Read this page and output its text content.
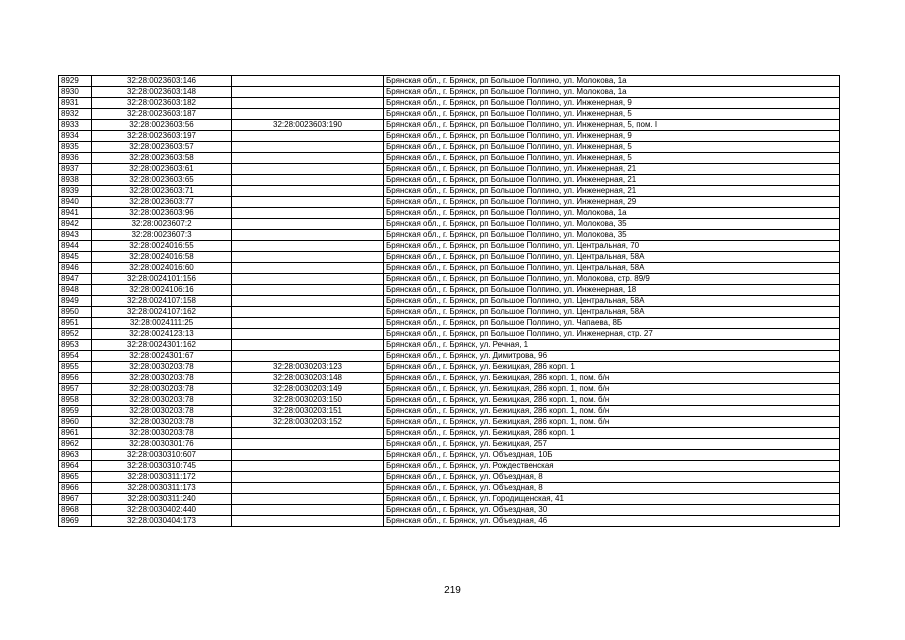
8929	32:28:0023603:146		Брянская обл., г. Брянск, рп Большое Полпино, ул. Молокова, 1а
8930	32:28:0023603:148		Брянская обл., г. Брянск, рп Большое Полпино, ул. Молокова, 1а
8931	32:28:0023603:182		Брянская обл., г. Брянск, рп Большое Полпино, ул. Инженерная, 9
8932	32:28:0023603:187		Брянская обл., г. Брянск, рп Большое Полпино, ул. Инженерная, 5
8933	32:28:0023603:56	32:28:0023603:190	Брянская обл., г. Брянск, рп Большое Полпино, ул. Инженерная, 5, пом. I
8934	32:28:0023603:197		Брянская обл., г. Брянск, рп Большое Полпино, ул. Инженерная, 9
8935	32:28:0023603:57		Брянская обл., г. Брянск, рп Большое Полпино, ул. Инженерная, 5
8936	32:28:0023603:58		Брянская обл., г. Брянск, рп Большое Полпино, ул. Инженерная, 5
8937	32:28:0023603:61		Брянская обл., г. Брянск, рп Большое Полпино, ул. Инженерная, 21
8938	32:28:0023603:65		Брянская обл., г. Брянск, рп Большое Полпино, ул. Инженерная, 21
8939	32:28:0023603:71		Брянская обл., г. Брянск, рп Большое Полпино, ул. Инженерная, 21
8940	32:28:0023603:77		Брянская обл., г. Брянск, рп Большое Полпино, ул. Инженерная, 29
8941	32:28:0023603:96		Брянская обл., г. Брянск, рп Большое Полпино, ул. Молокова, 1а
8942	32:28:0023607:2		Брянская обл., г. Брянск, рп Большое Полпино, ул. Молокова, 35
8943	32:28:0023607:3		Брянская обл., г. Брянск, рп Большое Полпино, ул. Молокова, 35
8944	32:28:0024016:55		Брянская обл., г. Брянск, рп Большое Полпино, ул. Центральная, 70
8945	32:28:0024016:58		Брянская обл., г. Брянск, рп Большое Полпино, ул. Центральная, 58А
8946	32:28:0024016:60		Брянская обл., г. Брянск, рп Большое Полпино, ул. Центральная, 58А
8947	32:28:0024101:156		Брянская обл., г. Брянск, рп Большое Полпино, ул. Молокова, стр. 89/9
8948	32:28:0024106:16		Брянская обл., г. Брянск, рп Большое Полпино, ул. Инженерная, 18
8949	32:28:0024107:158		Брянская обл., г. Брянск, рп Большое Полпино, ул. Центральная, 58А
8950	32:28:0024107:162		Брянская обл., г. Брянск, рп Большое Полпино, ул. Центральная, 58А
8951	32:28:0024111:25		Брянская обл., г. Брянск, рп Большое Полпино, ул. Чапаева, 8Б
8952	32:28:0024123:13		Брянская обл., г. Брянск, рп Большое Полпино, ул. Инженерная, стр. 27
8953	32:28:0024301:162		Брянская обл., г. Брянск, ул. Речная, 1
8954	32:28:0024301:67		Брянская обл., г. Брянск, ул. Димитрова, 96
8955	32:28:0030203:78	32:28:0030203:123	Брянская обл., г. Брянск, ул. Бежицкая, 286 корп. 1
8956	32:28:0030203:78	32:28:0030203:148	Брянская обл., г. Брянск, ул. Бежицкая, 286 корп. 1, пом. б/н
8957	32:28:0030203:78	32:28:0030203:149	Брянская обл., г. Брянск, ул. Бежицкая, 286 корп. 1, пом. б/н
8958	32:28:0030203:78	32:28:0030203:150	Брянская обл., г. Брянск, ул. Бежицкая, 286 корп. 1, пом. б/н
8959	32:28:0030203:78	32:28:0030203:151	Брянская обл., г. Брянск, ул. Бежицкая, 286 корп. 1, пом. б/н
8960	32:28:0030203:78	32:28:0030203:152	Брянская обл., г. Брянск, ул. Бежицкая, 286 корп. 1, пом. б/н
8961	32:28:0030203:78		Брянская обл., г. Брянск, ул. Бежицкая, 286 корп. 1
8962	32:28:0030301:76		Брянская обл., г. Брянск, ул. Бежицкая, 257
8963	32:28:0030310:607		Брянская обл., г. Брянск, ул. Объездная, 10Б
8964	32:28:0030310:745		Брянская обл., г. Брянск, ул. Рождественская
8965	32:28:0030311:172		Брянская обл., г. Брянск, ул. Объездная, 8
8966	32:28:0030311:173		Брянская обл., г. Брянск, ул. Объездная, 8
8967	32:28:0030311:240		Брянская обл., г. Брянск, ул. Городищенская, 41
8968	32:28:0030402:440		Брянская обл., г. Брянск, ул. Объездная, 30
8969	32:28:0030404:173		Брянская обл., г. Брянск, ул. Объездная, 46
219
